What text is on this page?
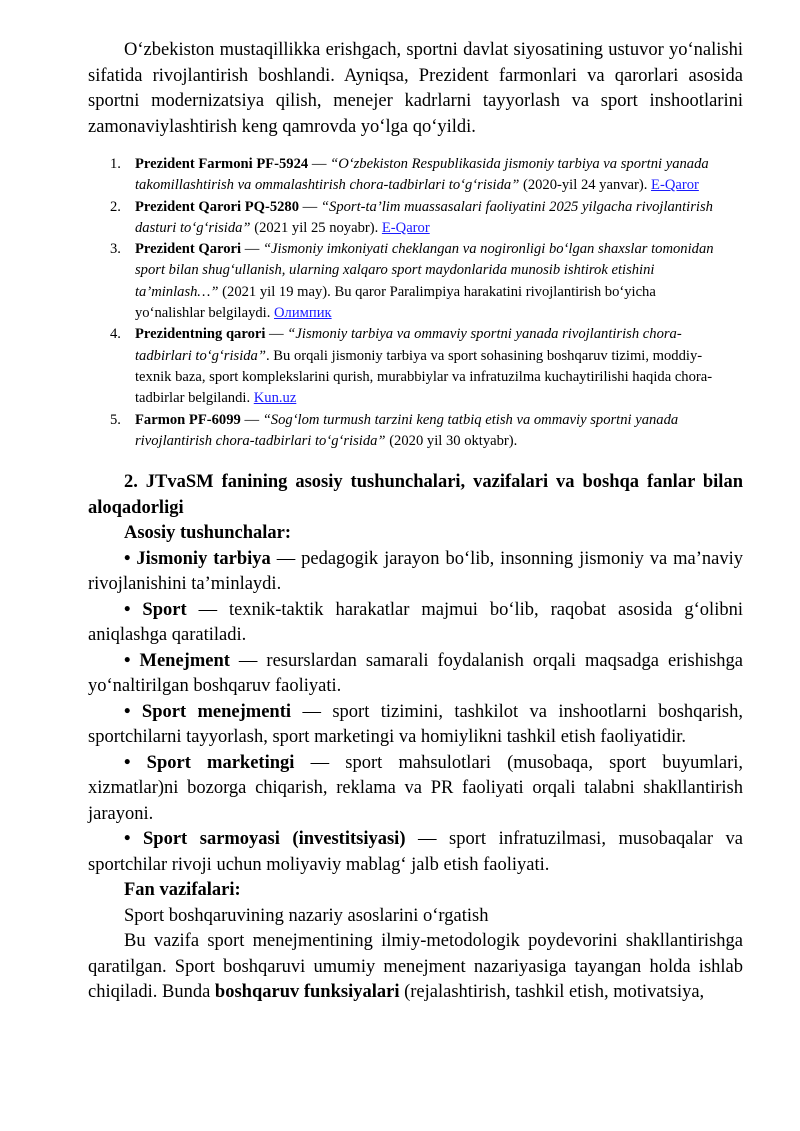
O‘zbekiston mustaqillikka erishgach, sportni davlat siyosatining ustuvor yo‘nalishi sifatida rivojlantirish boshlandi. Ayniqsa, Prezident farmonlari va qarorlari asosida sportni modernizatsiya qilish, menejer kadrlarni tayyorlash va sport inshootlarini zamonaviylashtirish keng qamrovda yo‘lga qo‘yildi.

1. Prezident Farmoni PF-5924 — “O‘zbekiston Respublikasida jismoniy tarbiya va sportni yanada takomillashtirish va ommalashtirish chora-tadbirlari to‘g‘risida” (2020-yil 24 yanvar). E-Qaror
2. Prezident Qarori PQ-5280 — “Sport-ta’lim muassasalari faoliyatini 2025 yilgacha rivojlantirish dasturi to‘g‘risida” (2021 yil 25 noyabr). E-Qaror
3. Prezident Qarori — “Jismoniy imkoniyati cheklangan va nogironligi bo‘lgan shaxslar tomonidan sport bilan shug‘ullanish, ularning xalqaro sport maydonlarida munosib ishtirok etishini ta’minlash…” (2021 yil 19 may). Bu qaror Paralimpiya harakatini rivojlantirish bo‘yicha yo‘nalishlar belgilaydi. Олимпик
4. Prezidentning qarori — “Jismoniy tarbiya va ommaviy sportni yanada rivojlantirish chora-tadbirlari to‘g‘risida”. Bu orqali jismoniy tarbiya va sport sohasining boshqaruv tizimi, moddiy-texnik baza, sport komplekslarini qurish, murabbiylar va infratuzilma kuchaytirilishi haqida chora-tadbirlar belgilandi. Kun.uz
5. Farmon PF-6099 — “Sog‘lom turmush tarzini keng tatbiq etish va ommaviy sportni yanada rivojlantirish chora-tadbirlari to‘g‘risida” (2020 yil 30 oktyabr).

2. JTvaSM fanining asosiy tushunchalari, vazifalari va boshqa fanlar bilan aloqadorligi

Asosiy tushunchalar:

• Jismoniy tarbiya — pedagogik jarayon bo‘lib, insonning jismoniy va ma’naviy rivojlanishini ta’minlaydi.

• Sport — texnik-taktik harakatlar majmui bo‘lib, raqobat asosida g‘olibni aniqlashga qaratiladi.

• Menejment — resurslardan samarali foydalanish orqali maqsadga erishishga yo‘naltirilgan boshqaruv faoliyati.

• Sport menejmenti — sport tizimini, tashkilot va inshootlarni boshqarish, sportchilarni tayyorlash, sport marketingi va homiylikni tashkil etish faoliyatidir.

• Sport marketingi — sport mahsulotlari (musobaqa, sport buyumlari, xizmatlar)ni bozorga chiqarish, reklama va PR faoliyati orqali talabni shakllantirish jarayoni.

• Sport sarmoyasi (investitsiyasi) — sport infratuzilmasi, musobaqalar va sportchilar rivoji uchun moliyaviy mablag‘ jalb etish faoliyati.

Fan vazifalari:

Sport boshqaruvining nazariy asoslarini o‘rgatish

Bu vazifa sport menejmentining ilmiy-metodologik poydevorini shakllantirishga qaratilgan. Sport boshqaruvi umumiy menejment nazariyasiga tayangan holda ishlab chiqiladi. Bunda boshqaruv funksiyalari (rejalashtirish, tashkil etish, motivatsiya,
